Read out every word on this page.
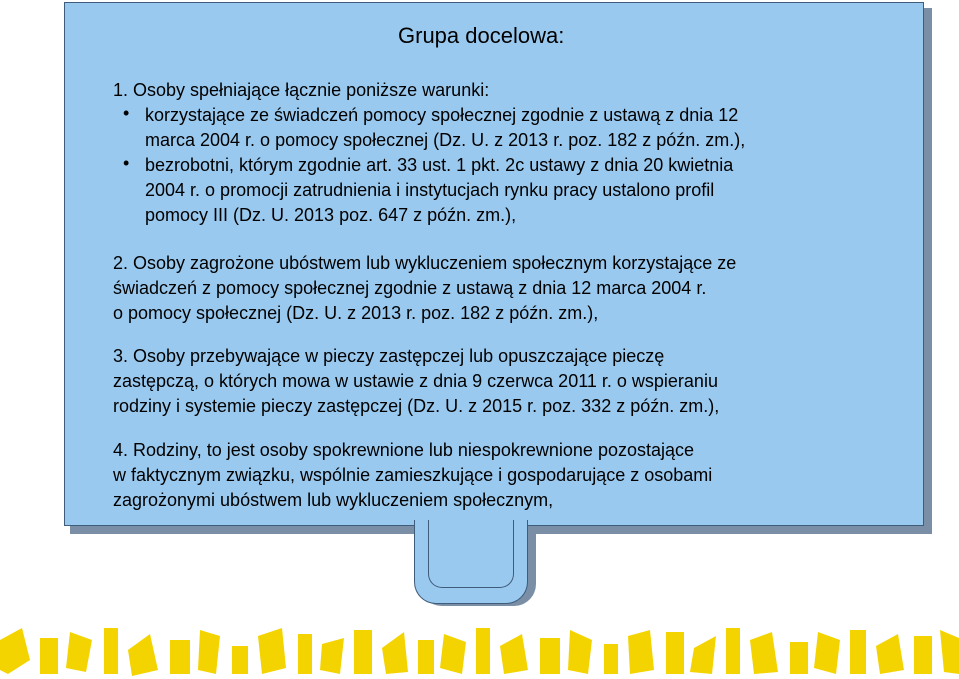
Grupa docelowa:
1. Osoby spełniające łącznie poniższe warunki:
• korzystające ze świadczeń pomocy społecznej zgodnie z ustawą z dnia 12
marca 2004 r. o pomocy społecznej (Dz. U. z 2013 r. poz. 182 z późn. zm.),
• bezrobotni, którym zgodnie art. 33 ust. 1 pkt. 2c ustawy z dnia 20 kwietnia
2004 r. o promocji zatrudnienia i instytucjach rynku pracy ustalono profil
pomocy III (Dz. U. 2013 poz. 647 z późn. zm.),
2. Osoby zagrożone ubóstwem lub wykluczeniem społecznym korzystające ze
świadczeń z pomocy społecznej zgodnie z ustawą z dnia 12 marca 2004 r.
o pomocy społecznej (Dz. U. z 2013 r. poz. 182 z późn. zm.),
3. Osoby przebywające w pieczy zastępczej lub opuszczające pieczę
zastępczą, o których mowa w ustawie z dnia 9 czerwca 2011 r. o wspieraniu
rodziny i systemie pieczy zastępczej (Dz. U. z 2015 r. poz. 332 z późn. zm.),
4. Rodziny, to jest osoby spokrewnione lub niespokrewnione pozostające
w faktycznym związku, wspólnie zamieszkujące i gospodarujące z osobami
zagrożonymi ubóstwem lub wykluczeniem społecznym,
